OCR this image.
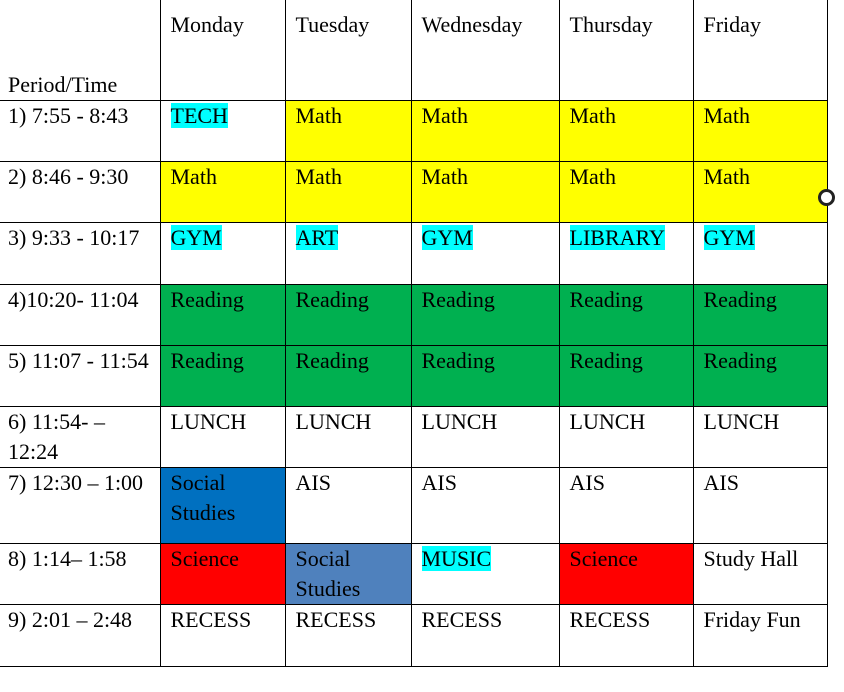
Period/Time	Monday	Tuesday	Wednesday	Thursday	Friday
1) 7:55 - 8:43	TECH	Math	Math	Math	Math
2) 8:46 - 9:30	Math	Math	Math	Math	Math
3) 9:33 - 10:17	GYM	ART	GYM	LIBRARY	GYM
4)10:20- 11:04	Reading	Reading	Reading	Reading	Reading
5) 11:07 - 11:54	Reading	Reading	Reading	Reading	Reading
6) 11:54- – 12:24	LUNCH	LUNCH	LUNCH	LUNCH	LUNCH
7) 12:30 – 1:00	Social Studies	AIS	AIS	AIS	AIS
8) 1:14– 1:58	Science	Social Studies	MUSIC	Science	Study Hall
9) 2:01 – 2:48	RECESS	RECESS	RECESS	RECESS	Friday Fun
